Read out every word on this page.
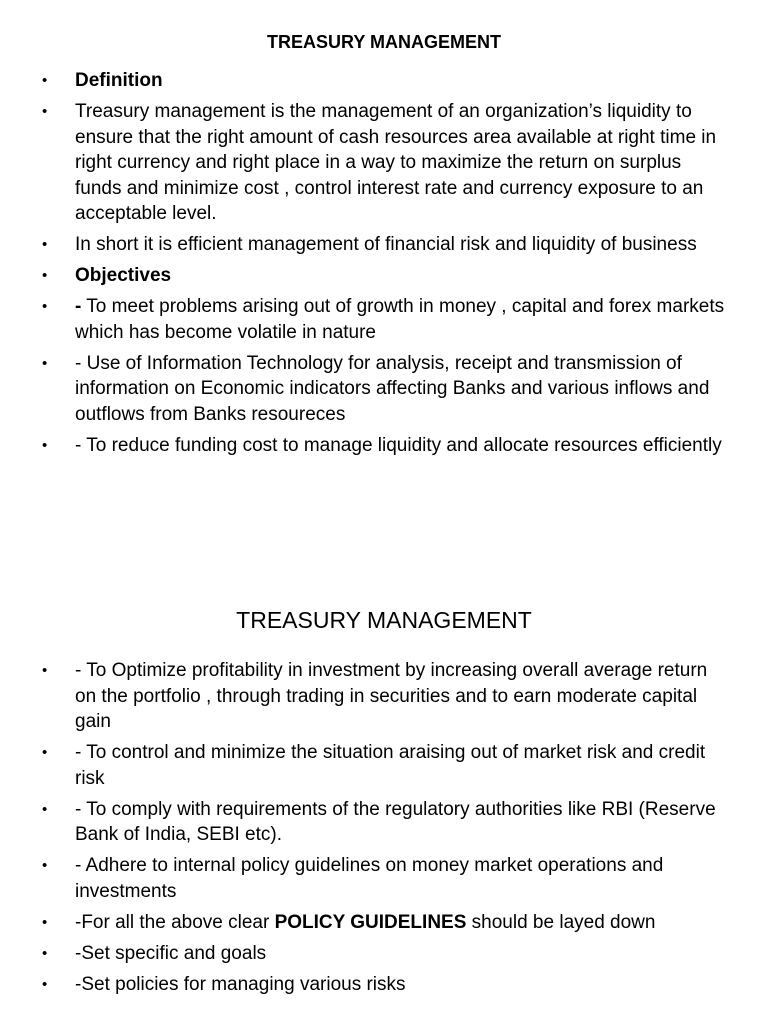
TREASURY MANAGEMENT
• Definition
• Treasury management is the management of an organization’s liquidity to ensure that the right amount of cash resources area available at right time in right currency and right place in a way to maximize the return on surplus funds and minimize cost , control interest rate and currency exposure to an acceptable level.
• In short it is efficient management of financial risk and liquidity of business
• Objectives
• - To meet problems arising out of growth in money , capital and forex markets which has become volatile in nature
• - Use of Information Technology for analysis, receipt and transmission of information on Economic indicators affecting Banks and various inflows and outflows from Banks resoureces
• - To reduce funding cost to manage liquidity and allocate resources efficiently
TREASURY MANAGEMENT
• - To Optimize profitability in investment by increasing overall average return on the portfolio , through trading in securities and to earn moderate capital gain
• - To control and minimize the situation araising out of market risk and credit risk
• - To comply with requirements of the regulatory authorities like RBI (Reserve Bank of India, SEBI etc).
• - Adhere to internal policy guidelines on money market operations and investments
• -For all the above clear POLICY GUIDELINES should be layed down
• -Set specific and goals
• -Set policies for managing various risks
